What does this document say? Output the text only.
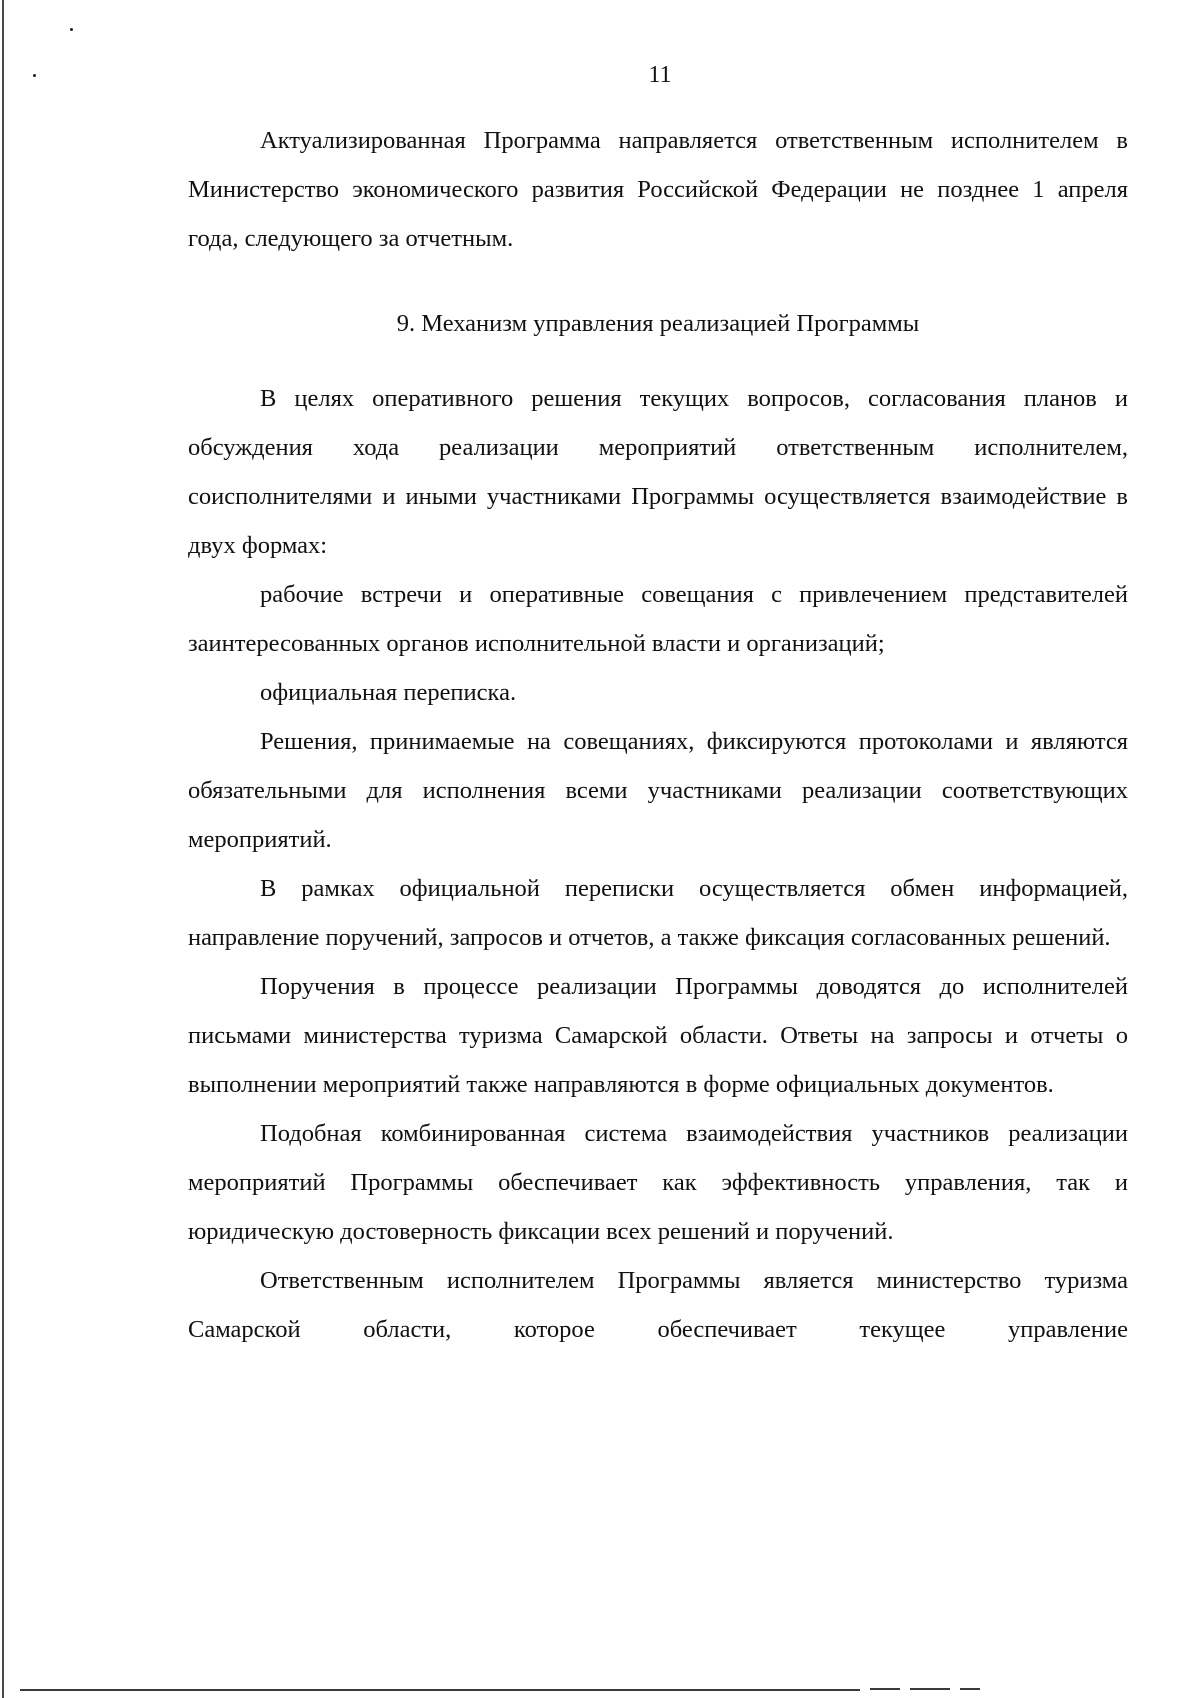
11

Актуализированная Программа направляется ответственным исполнителем в Министерство экономического развития Российской Федерации не позднее 1 апреля года, следующего за отчетным.

9. Механизм управления реализацией Программы

В целях оперативного решения текущих вопросов, согласования планов и обсуждения хода реализации мероприятий ответственным исполнителем, соисполнителями и иными участниками Программы осуществляется взаимодействие в двух формах:

рабочие встречи и оперативные совещания с привлечением представителей заинтересованных органов исполнительной власти и организаций;

официальная переписка.

Решения, принимаемые на совещаниях, фиксируются протоколами и являются обязательными для исполнения всеми участниками реализации соответствующих мероприятий.

В рамках официальной переписки осуществляется обмен информацией, направление поручений, запросов и отчетов, а также фиксация согласованных решений.

Поручения в процессе реализации Программы доводятся до исполнителей письмами министерства туризма Самарской области. Ответы на запросы и отчеты о выполнении мероприятий также направляются в форме официальных документов.

Подобная комбинированная система взаимодействия участников реализации мероприятий Программы обеспечивает как эффективность управления, так и юридическую достоверность фиксации всех решений и поручений.

Ответственным исполнителем Программы является министерство туризма Самарской области, которое обеспечивает текущее управление
